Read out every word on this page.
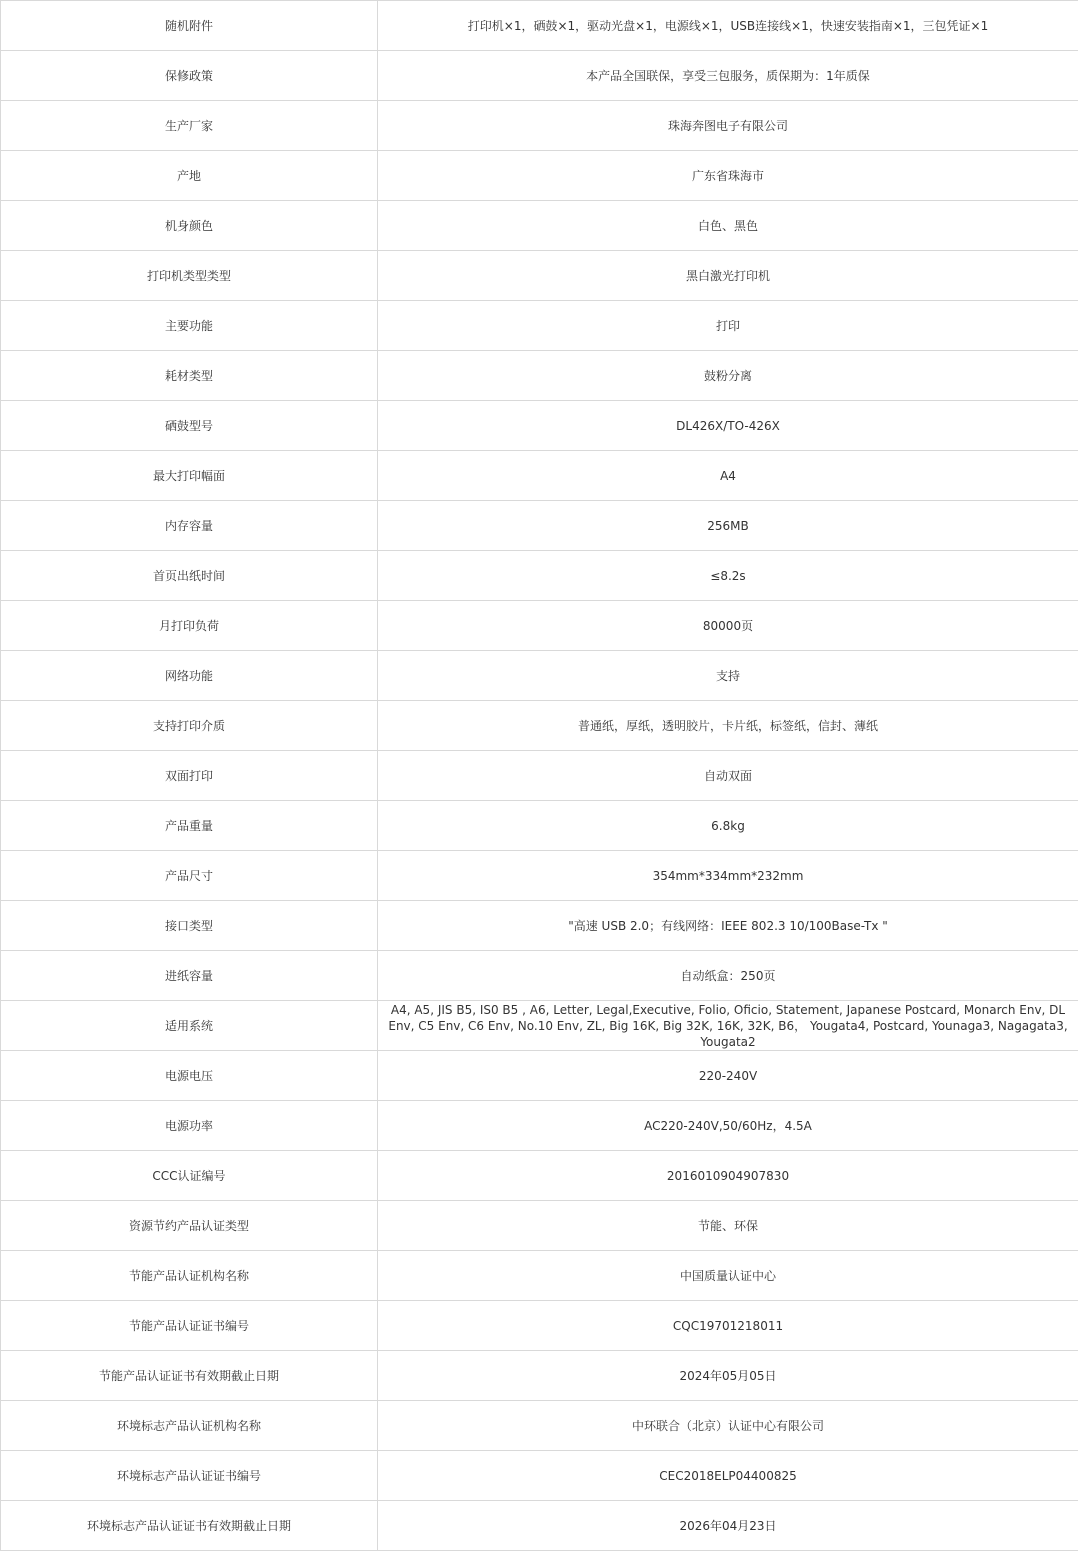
随机附件	打印机×1，硒鼓×1，驱动光盘×1，电源线×1，USB连接线×1，快速安装指南×1，三包凭证×1
保修政策	本产品全国联保，享受三包服务，质保期为：1年质保
生产厂家	珠海奔图电子有限公司
产地	广东省珠海市
机身颜色	白色、黑色
打印机类型类型	黑白激光打印机
主要功能	打印
耗材类型	鼓粉分离
硒鼓型号	DL426X/TO-426X
最大打印幅面	A4
内存容量	256MB
首页出纸时间	≤8.2s
月打印负荷	80000页
网络功能	支持
支持打印介质	普通纸，厚纸，透明胶片，卡片纸，标签纸，信封、薄纸
双面打印	自动双面
产品重量	6.8kg
产品尺寸	354mm*334mm*232mm
接口类型	"高速 USB 2.0；有线网络：IEEE 802.3 10/100Base-Tx "
进纸容量	自动纸盒：250页
适用系统	A4, A5, JIS B5, IS0 B5 , A6, Letter, Legal,Executive, Folio, Oficio, Statement, Japanese Postcard, Monarch Env, DL Env, C5 Env, C6 Env, No.10 Env, ZL, Big 16K, Big 32K, 16K, 32K, B6， Yougata4, Postcard, Younaga3, Nagagata3, Yougata2
电源电压	220-240V
电源功率	AC220-240V,50/60Hz，4.5A
CCC认证编号	2016010904907830
资源节约产品认证类型	节能、环保
节能产品认证机构名称	中国质量认证中心
节能产品认证证书编号	CQC19701218011
节能产品认证证书有效期截止日期	2024年05月05日
环境标志产品认证机构名称	中环联合（北京）认证中心有限公司
环境标志产品认证证书编号	CEC2018ELP04400825
环境标志产品认证证书有效期截止日期	2026年04月23日
